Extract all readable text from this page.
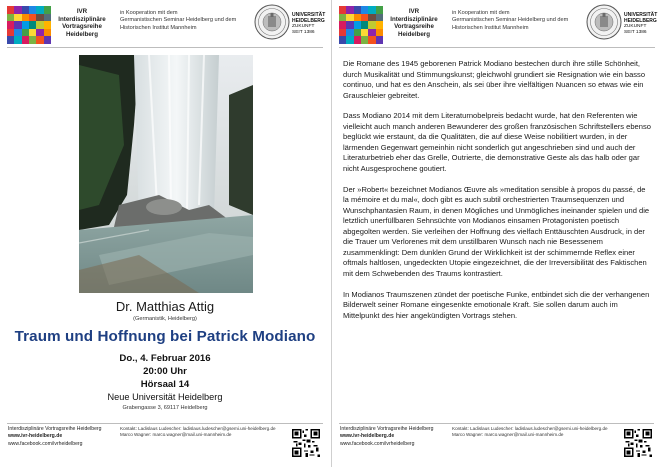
IVR
Interdisziplinäre
Vortragsreihe
Heidelberg
in Kooperation mit dem
Germanistischen Seminar Heidelberg und dem
Historischen Institut Mannheim
UNIVERSITÄT
HEIDELBERG
ZUKUNFT
SEIT 1386
Dr. Matthias Attig
(Germanistik, Heidelberg)
Traum und Hoffnung bei Patrick Modiano
Do., 4. Februar 2016
20:00 Uhr
Hörsaal 14
Neue Universität Heidelberg
Grabengasse 3, 69117 Heidelberg
Interdisziplinäre Vortragsreihe Heidelberg
www.ivr-heidelberg.de
www.facebook.com/ivrheidelberg
Kontakt: Ladislaus Ludescher: ladislaus.ludescher@gsemi.uni-heidelberg.de
Marco Wagner: marco.wagner@mail.uni-mannheim.de
IVR
Interdisziplinäre
Vortragsreihe
Heidelberg
in Kooperation mit dem
Germanistischen Seminar Heidelberg und dem
Historischen Institut Mannheim
UNIVERSITÄT
HEIDELBERG
ZUKUNFT
SEIT 1386

Die Romane des 1945 geborenen Patrick Modiano bestechen durch ihre stille Schönheit, durch Musikalität und Stimmungskunst; gleichwohl grundiert sie Resignation wie ein basso continuo, und hat es den Anschein, als sei über ihre vielfältigen Nuancen so etwas wie ein Grauschleier gebreitet.

Dass Modiano 2014 mit dem Literaturnobelpreis bedacht wurde, hat den Referenten wie vielleicht auch manch anderen Bewunderer des großen französischen Schriftstellers ebenso beglückt wie erstaunt, da die Qualitäten, die auf diese Weise nobilitiert wurden, in der lärmenden Gegenwart gemeinhin nicht sonderlich gut angeschrieben sind und auch der Literaturbetrieb eher das Grelle, Outrierte, die demonstrative Geste als das halb oder gar nicht Ausgesprochene goutiert.

Der »Robert« bezeichnet Modianos Œuvre als »meditation sensible à propos du passé, de la mémoire et du mal«, doch gibt es auch subtil orchestrierten Traumsequenzen und Wunschphantasien Raum, in denen Mögliches und Unmögliches ineinander spielen und die letztlich unerfüllbaren Sehnsüchte von Modianos einsamen Protagonisten poetisch abgegolten werden. Sie verleihen der Hoffnung des vielfach Enttäuschten Ausdruck, in der die Trauer um Verlorenes mit dem unstillbaren Wunsch nach nie Besessenem zusammenklingt: Dem dunklen Grund der Wirklichkeit ist der schimmernde Reflex einer oftmals haltlosen, ungedeckten Utopie eingezeichnet, die der Irreversibilität des Faktischen mit dem Schwebenden des Traums kontrastiert.

In Modianos Traumszenen zündet der poetische Funke, entbindet sich die der verhangenen Bilderwelt seiner Romane eingesenkte emotionale Kraft. Sie sollen darum auch im Mittelpunkt des hier angekündigten Vortrags stehen.

Interdisziplinäre Vortragsreihe Heidelberg
www.ivr-heidelberg.de
www.facebook.com/ivrheidelberg
Kontakt: Ladislaus Ludescher: ladislaus.ludescher@gsemi.uni-heidelberg.de
Marco Wagner: marco.wagner@mail.uni-mannheim.de
